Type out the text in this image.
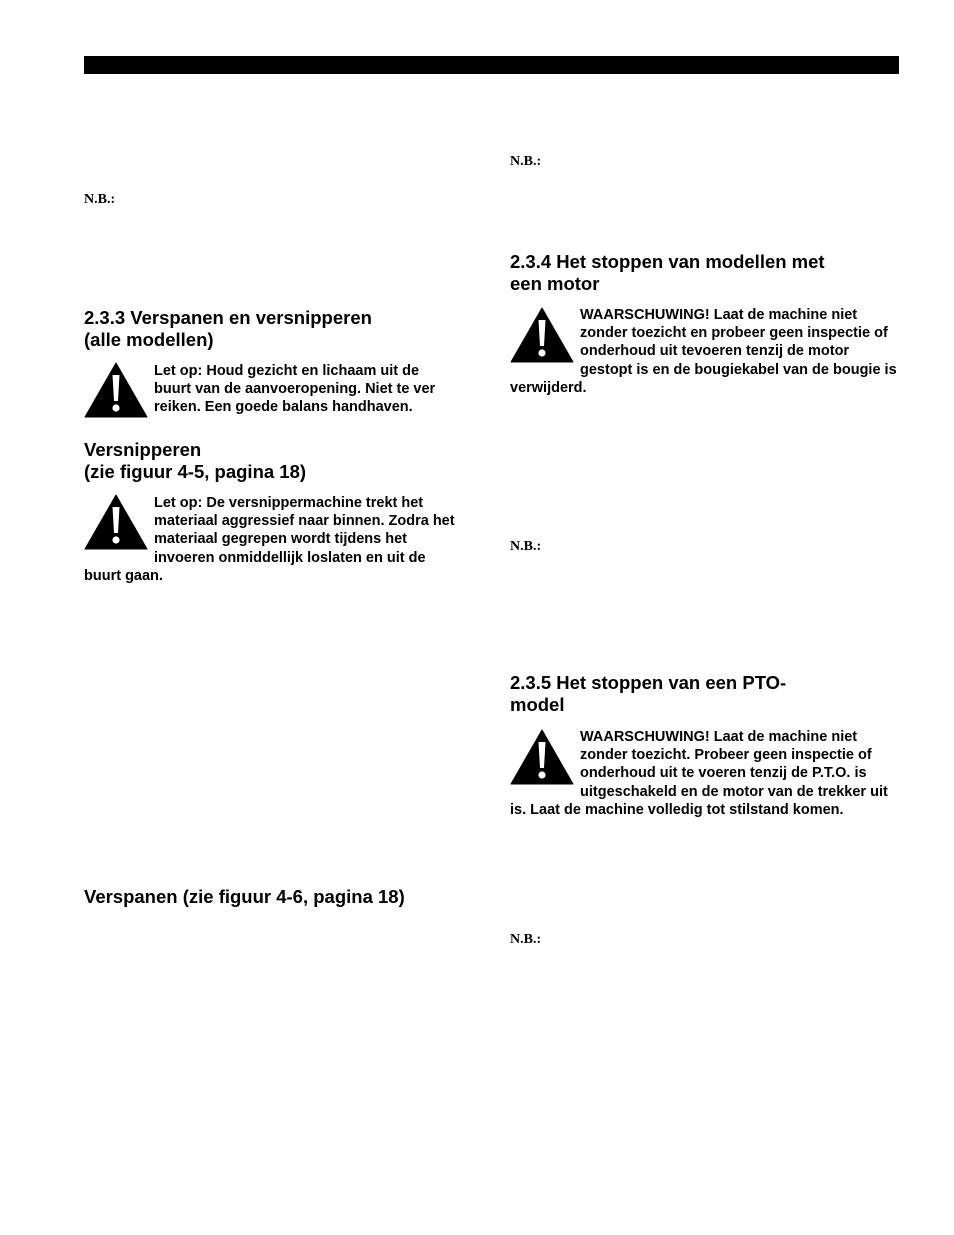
N.B.:
2.3.3 Verspanen en versnipperen
(alle modellen)
Let op: Houd gezicht en lichaam uit de buurt van de aanvoeropening. Niet te ver reiken. Een goede balans handhaven.
Versnipperen
(zie figuur 4-5, pagina 18)
Let op: De versnippermachine trekt het materiaal aggressief naar binnen. Zodra het materiaal gegrepen wordt tijdens het invoeren onmiddellijk loslaten en uit de buurt gaan.
Verspanen (zie figuur 4-6, pagina 18)
N.B.:
2.3.4 Het stoppen van modellen met
een motor
WAARSCHUWING! Laat de machine niet zonder toezicht en probeer geen inspectie of onderhoud uit tevoeren tenzij de motor gestopt is en de bougiekabel van de bougie is verwijderd.
N.B.:
2.3.5 Het stoppen van een PTO-
model
WAARSCHUWING! Laat de machine niet zonder toezicht. Probeer geen inspectie of onderhoud uit te voeren tenzij de P.T.O. is uitgeschakeld en de motor van de trekker uit is. Laat de machine volledig tot stilstand komen.
N.B.:
